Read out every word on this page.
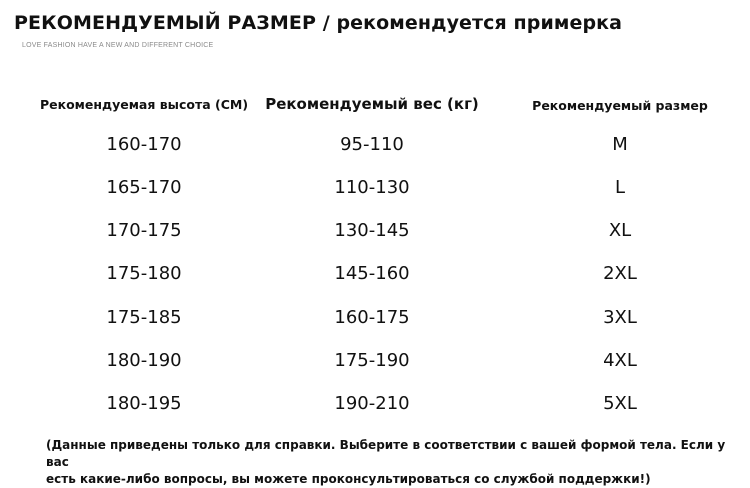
РЕКОМЕНДУЕМЫЙ РАЗМЕР / рекомендуется примерка
LOVE FASHION HAVE A NEW AND DIFFERENT CHOICE
Рекомендуемая высота (CM)	Рекомендуемый вес (кг)	Рекомендуемый размер
160-170	95-110	M
165-170	110-130	L
170-175	130-145	XL
175-180	145-160	2XL
175-185	160-175	3XL
180-190	175-190	4XL
180-195	190-210	5XL
(Данные приведены только для справки. Выберите в соответствии с вашей формой тела. Если у вас
есть какие-либо вопросы, вы можете проконсультироваться со службой поддержки!)
